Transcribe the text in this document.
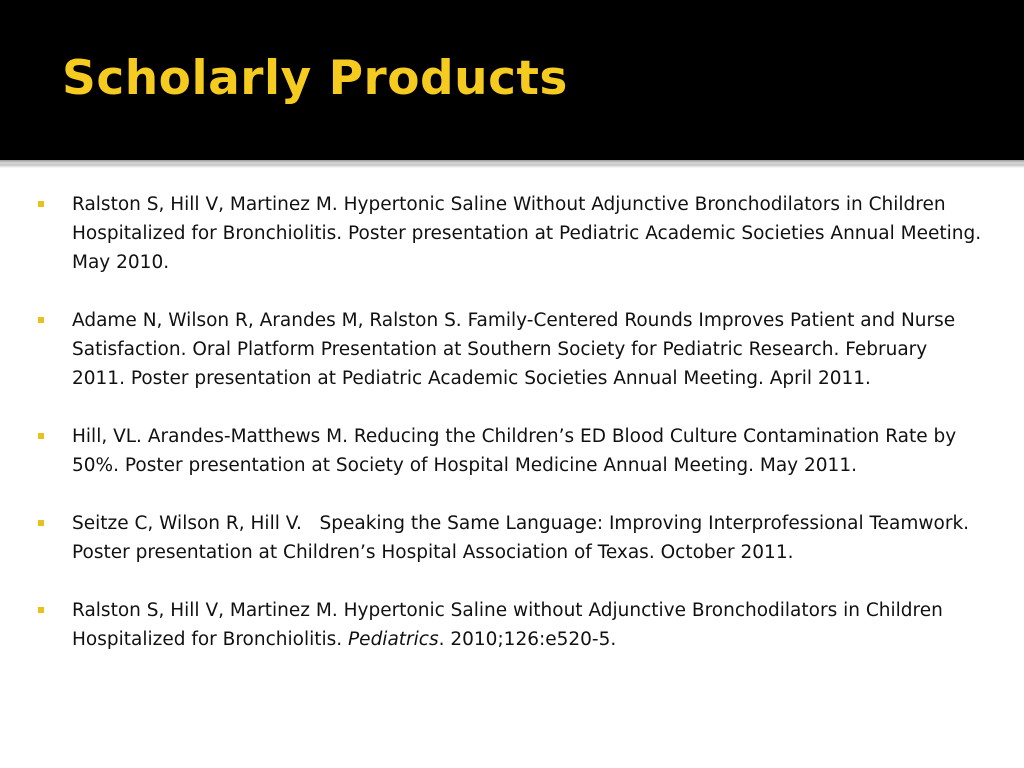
Scholarly Products
Ralston S, Hill V, Martinez M. Hypertonic Saline Without Adjunctive Bronchodilators in Children Hospitalized for Bronchiolitis. Poster presentation at Pediatric Academic Societies Annual Meeting. May 2010.
Adame N, Wilson R, Arandes M, Ralston S. Family-Centered Rounds Improves Patient and Nurse Satisfaction. Oral Platform Presentation at Southern Society for Pediatric Research. February 2011. Poster presentation at Pediatric Academic Societies Annual Meeting. April 2011.
Hill, VL. Arandes-Matthews M. Reducing the Children’s ED Blood Culture Contamination Rate by 50%. Poster presentation at Society of Hospital Medicine Annual Meeting. May 2011.
Seitze C, Wilson R, Hill V.   Speaking the Same Language: Improving Interprofessional Teamwork. Poster presentation at Children’s Hospital Association of Texas. October 2011.
Ralston S, Hill V, Martinez M. Hypertonic Saline without Adjunctive Bronchodilators in Children Hospitalized for Bronchiolitis. Pediatrics. 2010;126:e520-5.
